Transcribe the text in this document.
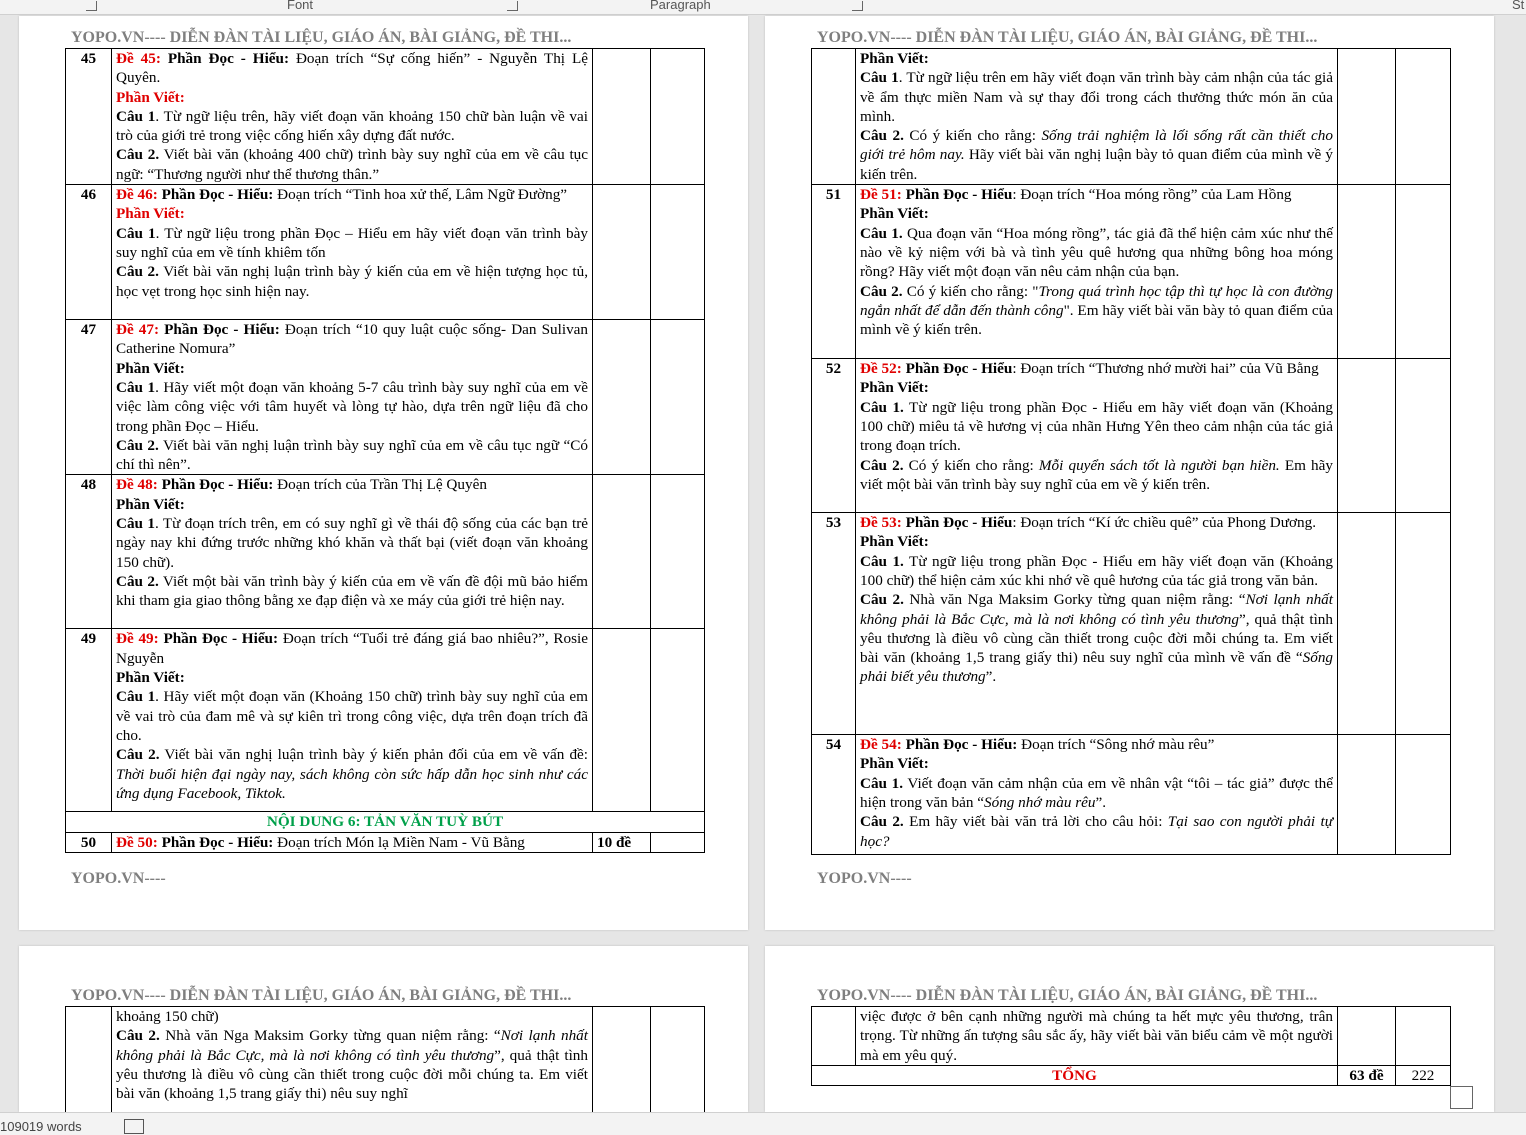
Font	Paragraph	St
YOPO.VN---- DIỄN ĐÀN TÀI LIỆU, GIÁO ÁN, BÀI GIẢNG, ĐỀ THI...
45	Đề 45: Phần Đọc - Hiểu: Đoạn trích “Sự cống hiến” - Nguyễn Thị Lệ Quyên.
Phần Viết:
Câu 1. Từ ngữ liệu trên, hãy viết đoạn văn khoảng 150 chữ bàn luận về vai trò của giới trẻ trong việc cống hiến xây dựng đất nước.
Câu 2. Viết bài văn (khoảng 400 chữ) trình bày suy nghĩ của em về câu tục ngữ: “Thương người như thể thương thân.”		
46	Đề 46: Phần Đọc - Hiểu: Đoạn trích “Tinh hoa xử thế, Lâm Ngữ Đường”
Phần Viết:
Câu 1. Từ ngữ liệu trong phần Đọc – Hiểu em hãy viết đoạn văn trình bày suy nghĩ của em về tính khiêm tốn
Câu 2. Viết bài văn nghị luận trình bày ý kiến của em về hiện tượng học tủ, học vẹt trong học sinh hiện nay.		
47	Đề 47: Phần Đọc - Hiểu: Đoạn trích “10 quy luật cuộc sống- Dan Sulivan Catherine Nomura”
Phần Viết:
Câu 1. Hãy viết một đoạn văn khoảng 5-7 câu trình bày suy nghĩ của em về việc làm công việc với tâm huyết và lòng tự hào, dựa trên ngữ liệu đã cho trong phần Đọc – Hiểu.
Câu 2. Viết bài văn nghị luận trình bày suy nghĩ của em về câu tục ngữ “Có chí thì nên”.		
48	Đề 48: Phần Đọc - Hiểu: Đoạn trích của Trần Thị Lệ Quyên
Phần Viết:
Câu 1. Từ đoạn trích trên, em có suy nghĩ gì về thái độ sống của các bạn trẻ ngày nay khi đứng trước những khó khăn và thất bại (viết đoạn văn khoảng 150 chữ).
Câu 2. Viết một bài văn trình bày ý kiến của em về vấn đề đội mũ bảo hiểm khi tham gia giao thông bằng xe đạp điện và xe máy của giới trẻ hiện nay.		
49	Đề 49: Phần Đọc - Hiểu: Đoạn trích “Tuổi trẻ đáng giá bao nhiêu?”, Rosie Nguyễn
Phần Viết:
Câu 1. Hãy viết một đoạn văn (Khoảng 150 chữ) trình bày suy nghĩ của em về vai trò của đam mê và sự kiên trì trong công việc, dựa trên đoạn trích đã cho.
Câu 2. Viết bài văn nghị luận trình bày ý kiến phản đối của em về vấn đề: Thời buổi hiện đại ngày nay, sách không còn sức hấp dẫn học sinh như các ứng dụng Facebook, Tiktok.		
NỘI DUNG 6: TẢN VĂN TUỲ BÚT			
50	Đề 50: Phần Đọc - Hiểu: Đoạn trích Món lạ Miền Nam - Vũ Bằng	10 đề	
YOPO.VN----
YOPO.VN---- DIỄN ĐÀN TÀI LIỆU, GIÁO ÁN, BÀI GIẢNG, ĐỀ THI...
	Phần Viết:
Câu 1. Từ ngữ liệu trên em hãy viết đoạn văn trình bày cảm nhận của tác giả về ẩm thực miền Nam và sự thay đổi trong cách thưởng thức món ăn của mình.
Câu 2. Có ý kiến cho rằng: Sống trải nghiệm là lối sống rất cần thiết cho giới trẻ hôm nay. Hãy viết bài văn nghị luận bày tỏ quan điểm của mình về ý kiến trên.		
51	Đề 51: Phần Đọc - Hiểu: Đoạn trích “Hoa móng rồng” của Lam Hồng
Phần Viết:
Câu 1. Qua đoạn văn “Hoa móng rồng”, tác giả đã thể hiện cảm xúc như thế nào về kỷ niệm với bà và tình yêu quê hương qua những bông hoa móng rồng? Hãy viết một đoạn văn nêu cảm nhận của bạn.
Câu 2. Có ý kiến cho rằng: "Trong quá trình học tập thì tự học là con đường ngắn nhất để dẫn đến thành công". Em hãy viết bài văn bày tỏ quan điểm của mình về ý kiến trên.		
52	Đề 52: Phần Đọc - Hiểu: Đoạn trích “Thương nhớ mười hai” của Vũ Bằng
Phần Viết:
Câu 1. Từ ngữ liệu trong phần Đọc - Hiểu em hãy viết đoạn văn (Khoảng 100 chữ) miêu tả về hương vị của nhãn Hưng Yên theo cảm nhận của tác giả trong đoạn trích.
Câu 2. Có ý kiến cho rằng: Mỗi quyển sách tốt là người bạn hiền. Em hãy viết một bài văn trình bày suy nghĩ của em về ý kiến trên.		
53	Đề 53: Phần Đọc - Hiểu: Đoạn trích “Kí ức chiều quê” của Phong Dương.
Phần Viết:
Câu 1. Từ ngữ liệu trong phần Đọc - Hiểu em hãy viết đoạn văn (Khoảng 100 chữ) thể hiện cảm xúc khi nhớ về quê hương của tác giả trong văn bản.
Câu 2. Nhà văn Nga Maksim Gorky từng quan niệm rằng: “Nơi lạnh nhất không phải là Bắc Cực, mà là nơi không có tình yêu thương”, quả thật tình yêu thương là điều vô cùng cần thiết trong cuộc đời mỗi chúng ta. Em viết bài văn (khoảng 1,5 trang giấy thi) nêu suy nghĩ của mình về vấn đề “Sống phải biết yêu thương”.		
54	Đề 54: Phần Đọc - Hiểu: Đoạn trích “Sông nhớ màu rêu”
Phần Viết:
Câu 1. Viết đoạn văn cảm nhận của em về nhân vật “tôi – tác giả” được thể hiện trong văn bản “Sóng nhớ màu rêu”.
Câu 2. Em hãy viết bài văn trả lời cho câu hỏi: Tại sao con người phải tự học?		
YOPO.VN----
YOPO.VN---- DIỄN ĐÀN TÀI LIỆU, GIÁO ÁN, BÀI GIẢNG, ĐỀ THI...
	khoảng 150 chữ)
Câu 2. Nhà văn Nga Maksim Gorky từng quan niệm rằng: “Nơi lạnh nhất không phải là Bắc Cực, mà là nơi không có tình yêu thương”, quả thật tình yêu thương là điều vô cùng cần thiết trong cuộc đời mỗi chúng ta. Em viết bài văn (khoảng 1,5 trang giấy thi) nêu suy nghĩ		
YOPO.VN---- DIỄN ĐÀN TÀI LIỆU, GIÁO ÁN, BÀI GIẢNG, ĐỀ THI...
	việc được ở bên cạnh những người mà chúng ta hết mực yêu thương, trân trọng. Từ những ấn tượng sâu sắc ấy, hãy viết bài văn biểu cảm về một người mà em yêu quý.		
TỔNG		63 đề	222
109019 words
